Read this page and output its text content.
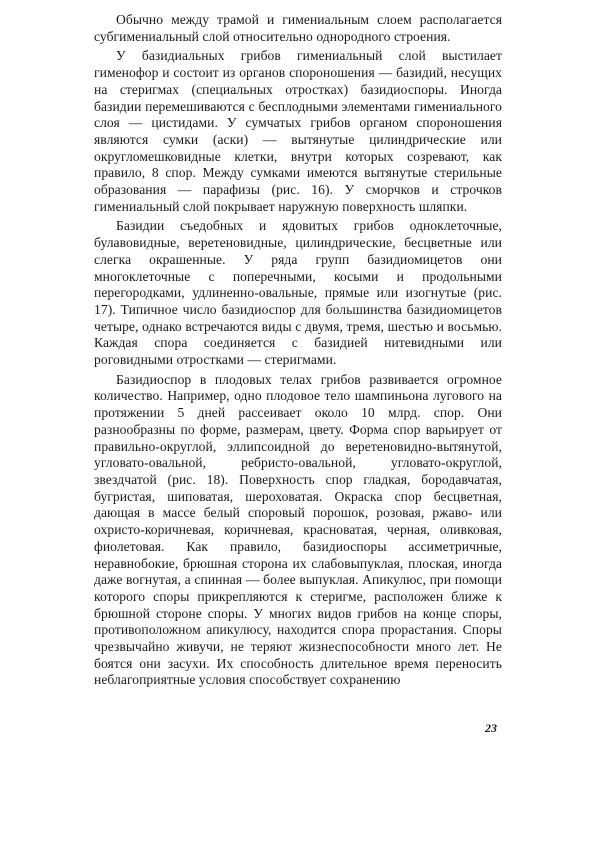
Обычно между трамой и гимениальным слоем располагается субгимениальный слой относительно однородного строения.

У базидиальных грибов гимениальный слой выстилает гименофор и состоит из органов спороношения — базидий, несущих на стеригмах (специальных отростках) базидиоспоры. Иногда базидии перемешиваются с бесплодными элементами гимениального слоя — цистидами. У сумчатых грибов органом спороношения являются сумки (аски) — вытянутые цилиндрические или округломешковидные клетки, внутри которых созревают, как правило, 8 спор. Между сумками имеются вытянутые стерильные образования — парафизы (рис. 16). У сморчков и строчков гимениальный слой покрывает наружную поверхность шляпки.

Базидии съедобных и ядовитых грибов одноклеточные, булавовидные, веретеновидные, цилиндрические, бесцветные или слегка окрашенные. У ряда групп базидиомицетов они многоклеточные с поперечными, косыми и продольными перегородками, удлиненно-овальные, прямые или изогнутые (рис. 17). Типичное число базидиоспор для большинства базидиомицетов четыре, однако встречаются виды с двумя, тремя, шестью и восьмью. Каждая спора соединяется с базидией нитевидными или роговидными отростками — стеригмами.

Базидиоспор в плодовых телах грибов развивается огромное количество. Например, одно плодовое тело шампиньона лугового на протяжении 5 дней рассеивает около 10 млрд. спор. Они разнообразны по форме, размерам, цвету. Форма спор варьирует от правильно-округлой, эллипсоидной до веретеновидно-вытянутой, угловато-овальной, ребристо-овальной, угловато-округлой, звездчатой (рис. 18). Поверхность спор гладкая, бородавчатая, бугристая, шиповатая, шероховатая. Окраска спор бесцветная, дающая в массе белый споровый порошок, розовая, ржаво- или охристо-коричневая, коричневая, красноватая, черная, оливковая, фиолетовая. Как правило, базидиоспоры ассиметричные, неравнобокие, брюшная сторона их слабовыпуклая, плоская, иногда даже вогнутая, а спинная — более выпуклая. Апикулюс, при помощи которого споры прикрепляются к стеригме, расположен ближе к брюшной стороне споры. У многих видов грибов на конце споры, противоположном апикулюсу, находится спора прорастания. Споры чрезвычайно живучи, не теряют жизнеспособности много лет. Не боятся они засухи. Их способность длительное время переносить неблагоприятные условия способствует сохранению

23
